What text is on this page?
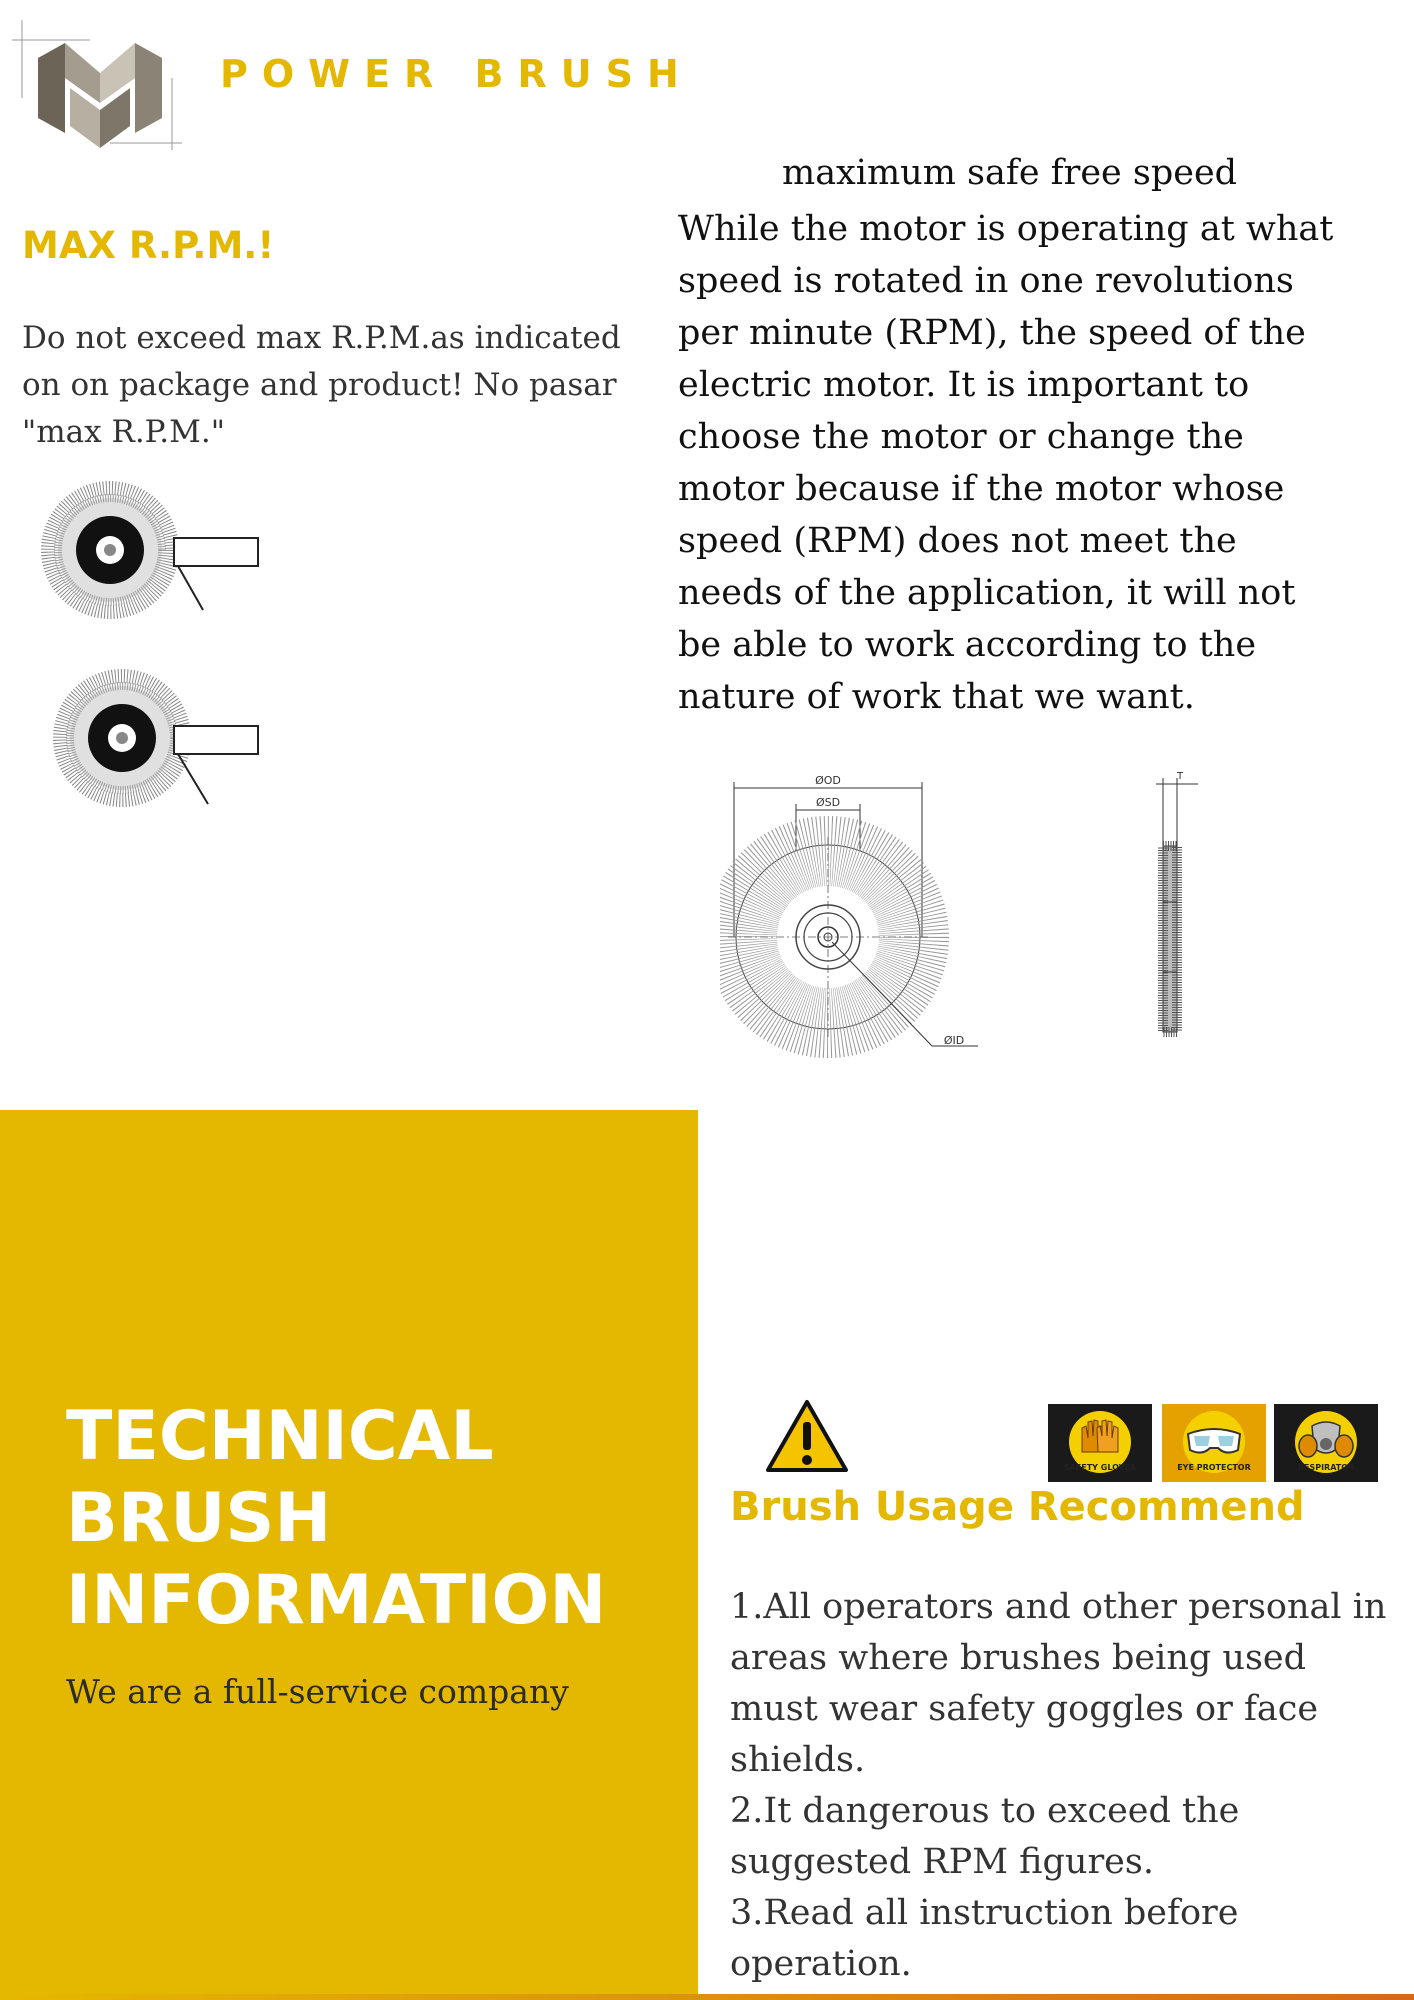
POWER BRUSH
MAX R.P.M.!
Do not exceed max R.P.M.as indicated on on package and product! No pasar "max R.P.M."
maximum safe free speed
While the motor is operating at what speed is rotated in one revolutions per minute (RPM), the speed of the electric motor. It is important to choose the motor or change the motor because if the motor whose speed (RPM) does not meet the needs of the application, it will not be able to work according to the nature of work that we want.
ØOD
ØSD
ØID
T
TECHNICAL
BRUSH
INFORMATION
We are a full-service company
SAFETY GLOVES	EYE PROTECTOR	RESPIRATOR
Brush Usage Recommend
1.All operators and other personal in areas where brushes being used must wear safety goggles or face shields.
2.It dangerous to exceed the suggested RPM figures.
3.Read all instruction before operation.
